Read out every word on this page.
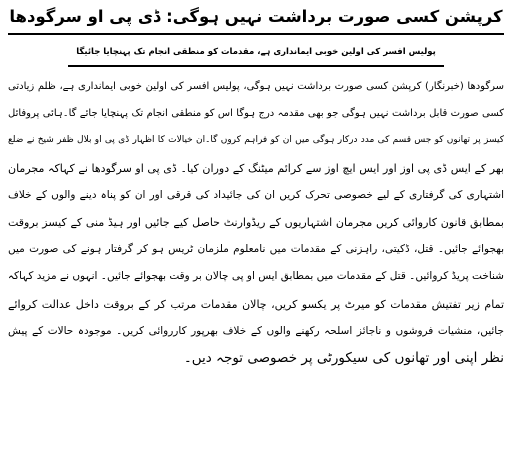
کرپشن کسی صورت برداشت نہیں ہوگی: ڈی پی او سرگودھا
پولیس افسر کی اولین خوبی ایمانداری ہے، مقدمات کو منطقی انجام تک پہنچایا جائیگا
سرگودھا (خبرنگار) کرپشن کسی صورت برداشت نہیں ہوگی، پولیس افسر کی اولین خوبی ایمانداری ہے، ظلم زیادتی
کسی صورت قابل برداشت نہیں ہوگی جو بھی مقدمہ درج ہوگا اس کو منطقی انجام تک پہنچایا جائے گا۔ہائی پروفائل
کیسز پر تھانوں کو جس قسم کی مدد درکار ہوگی میں ان کو فراہم کروں گا۔ان خیالات کا اظہار ڈی پی او بلال ظفر شیخ نے ضلع
بھر کے ایس ڈی پی اوز اور ایس ایچ اوز سے کرائم میٹنگ کے دوران کیا۔ ڈی پی او سرگودھا نے کہاکہ مجرمان
اشتہاری کی گرفتاری کے لیے خصوصی تحرک کریں ان کی جائیداد کی قرقی اور ان کو پناہ دینے والوں کے خلاف
بمطابق قانون کاروائی کریں مجرمان اشتہاریوں کے ریڈوارنٹ حاصل کیے جائیں اور ہیڈ منی کے کیسز بروقت
بھجوائے جائیں۔ قتل، ڈکیتی، راہزنی کے مقدمات میں نامعلوم ملزمان ٹریس ہو کر گرفتار ہونے کی صورت میں
شناخت پریڈ کروائیں۔ قتل کے مقدمات میں بمطابق ایس او پی چالان بر وقت بھجوائے جائیں۔ انہوں نے مزید کہاکہ
تمام زیر تفتیش مقدمات کو میرٹ پر یکسو کریں، چالان مقدمات مرتب کر کے بروقت داخل عدالت کروائے
جائیں، منشیات فروشوں و ناجائز اسلحہ رکھنے والوں کے خلاف بھرپور کارروائی کریں۔ موجودہ حالات کے پیش
نظر اپنی اور تھانوں کی سیکورٹی پر خصوصی توجہ دیں۔
